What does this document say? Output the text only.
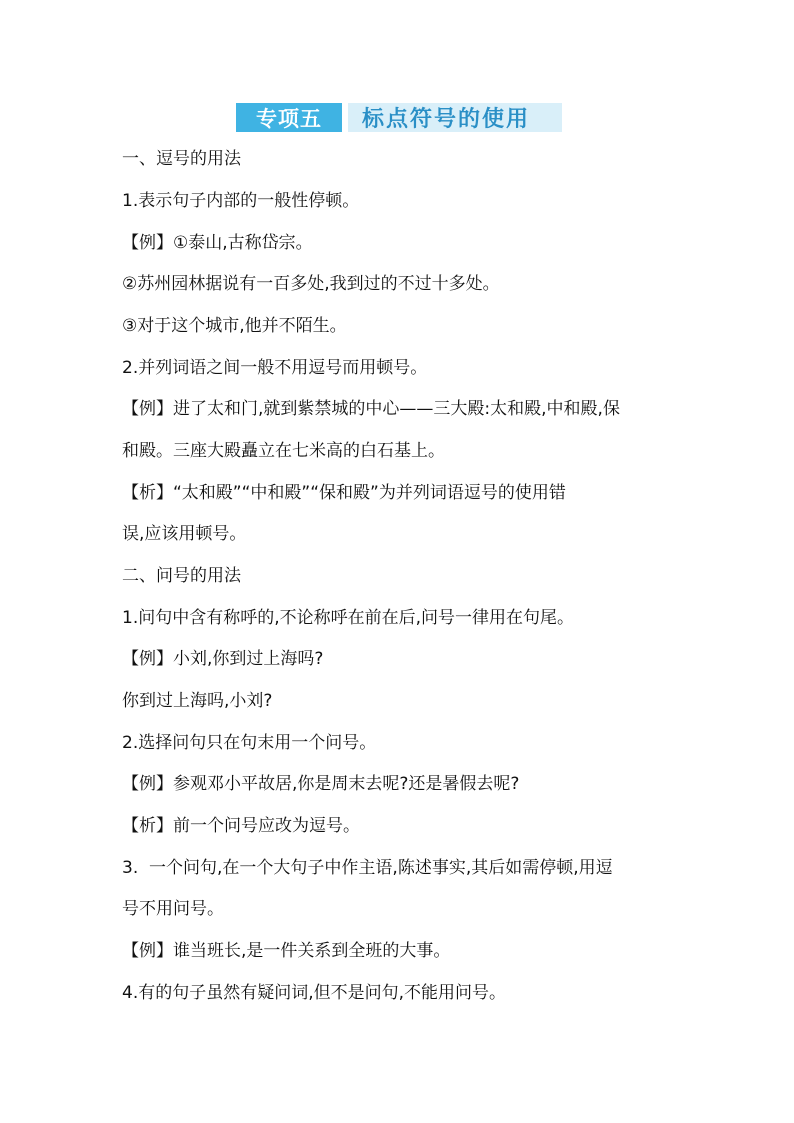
专项五	标点符号的使用
一、逗号的用法
1.表示句子内部的一般性停顿。
【例】①泰山,古称岱宗。
②苏州园林据说有一百多处,我到过的不过十多处。
③对于这个城市,他并不陌生。
2.并列词语之间一般不用逗号而用顿号。
【例】进了太和门,就到紫禁城的中心——三大殿:太和殿,中和殿,保
和殿。三座大殿矗立在七米高的白石基上。
【析】“太和殿”“中和殿”“保和殿”为并列词语逗号的使用错
误,应该用顿号。
二、问号的用法
1.问句中含有称呼的,不论称呼在前在后,问号一律用在句尾。
【例】小刘,你到过上海吗?
你到过上海吗,小刘?
2.选择问句只在句末用一个问号。
【例】参观邓小平故居,你是周末去呢?还是暑假去呢?
【析】前一个问号应改为逗号。
3.  一个问句,在一个大句子中作主语,陈述事实,其后如需停顿,用逗
号不用问号。
【例】谁当班长,是一件关系到全班的大事。
4.有的句子虽然有疑问词,但不是问句,不能用问号。
